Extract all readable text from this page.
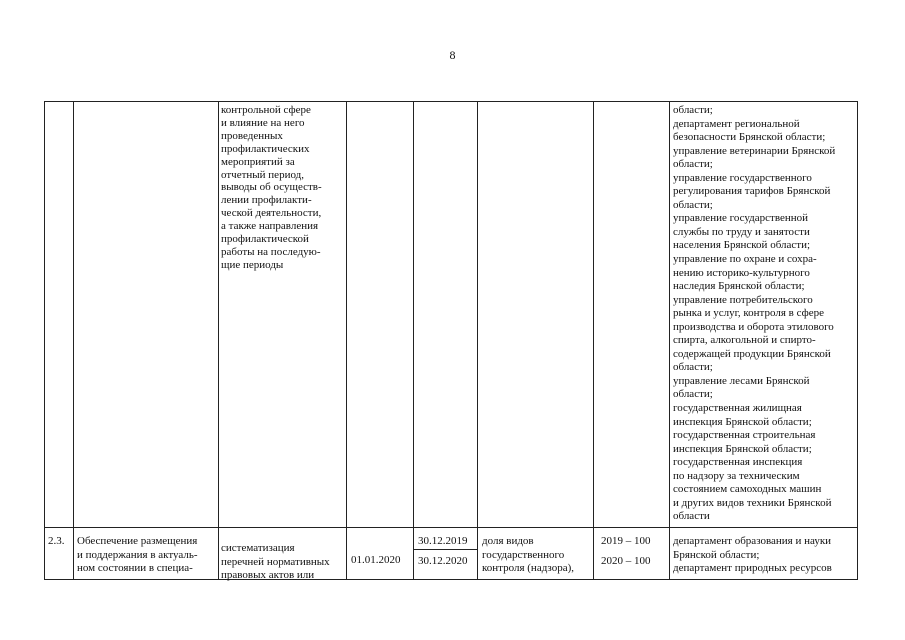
8
контрольной сфере
и влияние на него
проведенных
профилактических
мероприятий за
отчетный период,
выводы об осуществ-
лении профилакти-
ческой деятельности,
а также направления
профилактической
работы на последую-
щие периоды
области;
департамент региональной
безопасности Брянской области;
управление ветеринарии Брянской
области;
управление государственного
регулирования тарифов Брянской
области;
управление государственной
службы по труду и занятости
населения Брянской области;
управление по охране и сохра-
нению историко-культурного
наследия Брянской области;
управление потребительского
рынка и услуг, контроля в сфере
производства и оборота этилового
спирта, алкогольной и спирто-
содержащей продукции Брянской
области;
управление лесами Брянской
области;
государственная жилищная
инспекция Брянской области;
государственная строительная
инспекция Брянской области;
государственная инспекция
по надзору за техническим
состоянием самоходных машин
и других видов техники Брянской
области
2.3. Обеспечение размещения
и поддержания в актуаль-
ном состоянии в специа-
систематизация
перечней нормативных
правовых актов или
01.01.2020
30.12.2019
30.12.2020
доля видов
государственного
контроля (надзора),
2019 – 100
2020 – 100
департамент образования и науки
Брянской области;
департамент природных ресурсов
